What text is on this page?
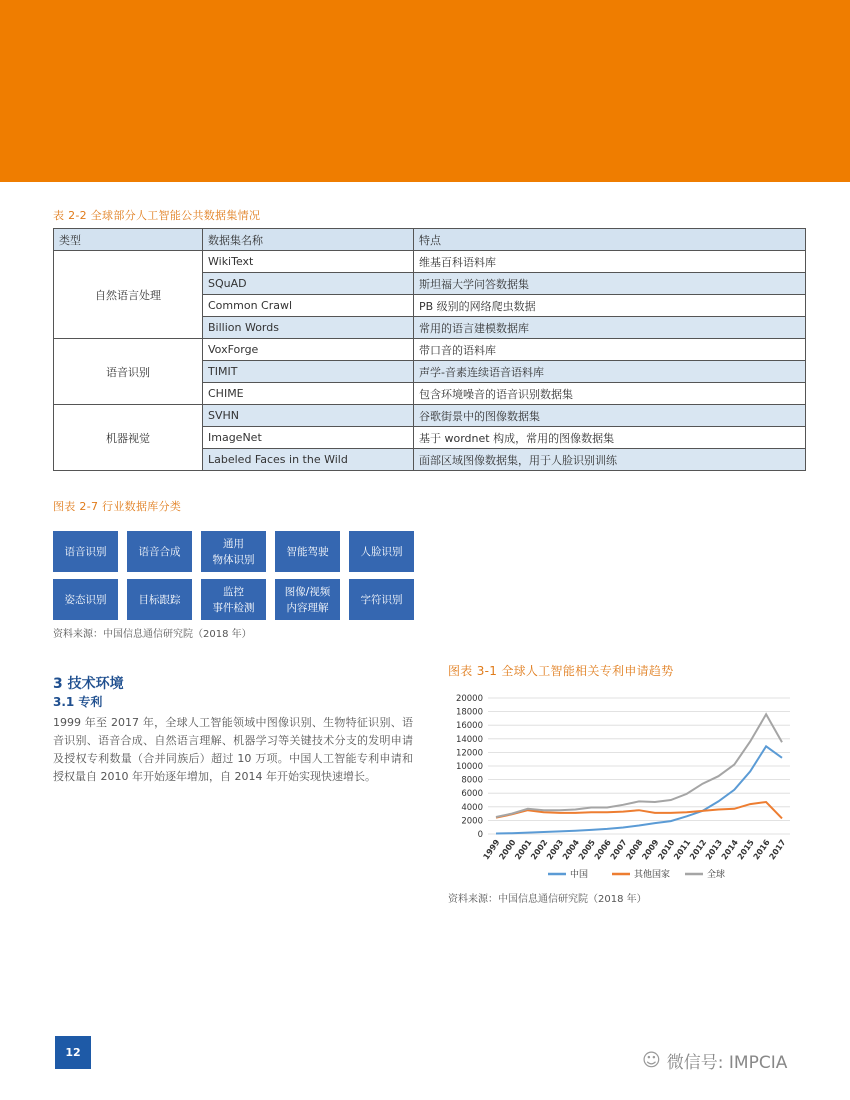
表 2-2 全球部分人工智能公共数据集情况
类型	数据集名称	特点
自然语言处理	WikiText	维基百科语料库
	SQuAD	斯坦福大学问答数据集
	Common Crawl	PB 级别的网络爬虫数据
	Billion Words	常用的语言建模数据库
语音识别	VoxForge	带口音的语料库
	TIMIT	声学-音素连续语音语料库
	CHIME	包含环境噪音的语音识别数据集
机器视觉	SVHN	谷歌街景中的图像数据集
	ImageNet	基于 wordnet 构成，常用的图像数据集
	Labeled Faces in the Wild	面部区域图像数据集，用于人脸识别训练
图表 2-7 行业数据库分类
语音识别	语音合成
通用
物体识别
智能驾驶	人脸识别
姿态识别	目标跟踪
监控
事件检测
图像/视频
内容理解
字符识别
资料来源：中国信息通信研究院（2018 年）
3 技术环境
3.1 专利
1999 年至 2017 年，全球人工智能领域中图像识别、生物特征识别、语音识别、语音合成、自然语言理解、机器学习等关键技术分支的发明申请及授权专利数量（合并同族后）超过 10 万项。中国人工智能专利申请和授权量自 2010 年开始逐年增加，自 2014 年开始实现快速增长。
图表 3-1 全球人工智能相关专利申请趋势
0
2000
4000
6000
8000
10000
12000
14000
16000
18000
20000
1999
2000
2001
2002
2003
2004
2005
2006
2007
2008
2009
2010
2011
2012
2013
2014
2015
2016
2017
中国	其他国家	全球
资料来源：中国信息通信研究院（2018 年）
12	☺ 微信号: IMPCIA
